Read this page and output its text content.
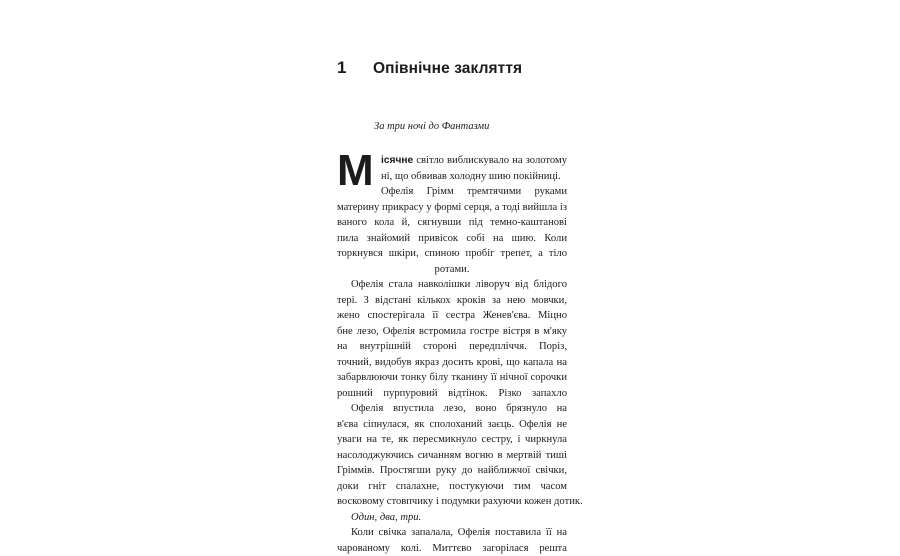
1	Опівнічне закляття
За три ночі до Фантазми
М ісячне світло виблискувало на золотому
ні, що обвивав холодну шию покійниці.
Офелія Грімм тремтячими руками
материну прикрасу у формі серця, а тоді вийшла із
ваного кола й, сягнувши під темно-каштанові
пила знайомий привісок собі на шию. Коли
торкнувся шкіри, спиною пробіг трепет, а тіло
ротами.
Офелія стала навколішки ліворуч від блідого
тері. З відстані кількох кроків за нею мовчки,
жено спостерігала її сестра Женев'єва. Міцно
бне лезо, Офелія встромила гостре вістря в м'яку
на внутрішній стороні передпліччя. Поріз,
точний, видобув якраз досить крові, що капала на
забарвлюючи тонку білу тканину її нічної сорочки
рошний пурпуровий відтінок. Різко запахло
Офелія впустила лезо, воно брязнуло на
в'єва сіпнулася, як сполоханий заєць. Офелія не
уваги на те, як пересмикнуло сестру, і чиркнула
насолоджуючись сичанням вогню в мертвій тиші
Гріммів. Простягши руку до найближчої свічки,
доки гніт спалахне, постукуючи тим часом
восковому стовпчику і подумки рахуючи кожен дотик.
Один, два, три.
Коли свічка запалала, Офелія поставила її на
чарованому колі. Миттєво загорілася решта
